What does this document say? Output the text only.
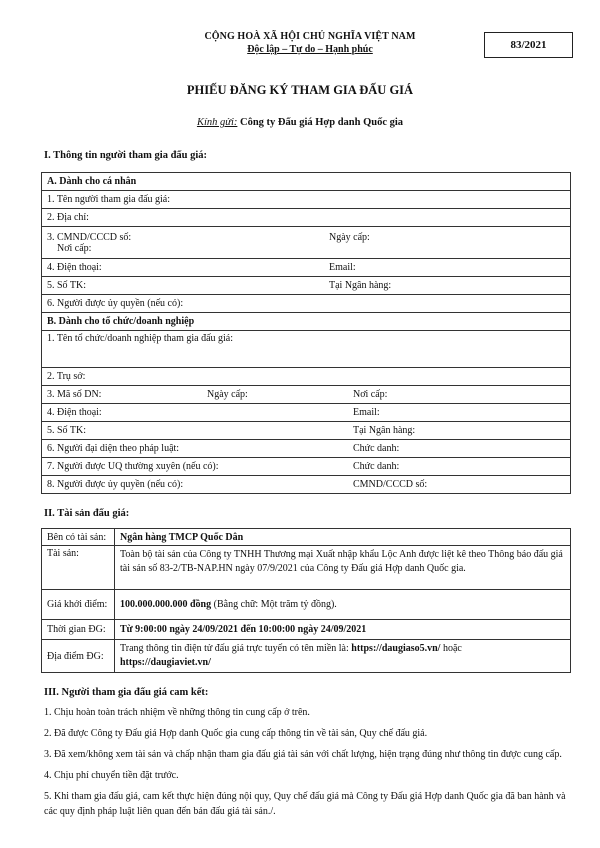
CỘNG HOÀ XÃ HỘI CHỦ NGHĨA VIỆT NAM
Độc lập – Tự do – Hạnh phúc	83/2021
PHIẾU ĐĂNG KÝ THAM GIA ĐẤU GIÁ
Kính gửi: Công ty Đấu giá Hợp danh Quốc gia
I. Thông tin người tham gia đấu giá:
A. Dành cho cá nhân
1. Tên người tham gia đấu giá:
2. Địa chỉ:

3. CMND/CCCD số:	Ngày cấp:
Nơi cấp:

4. Điện thoại:	Email:
5. Số TK:	Tại Ngân hàng:
6. Người được ủy quyền (nếu có):
B. Dành cho tổ chức/doanh nghiệp
1. Tên tổ chức/doanh nghiệp tham gia đấu giá:
2. Trụ sở:
3. Mã số DN:	Ngày cấp:	Nơi cấp:
4. Điện thoại:	Email:
5. Số TK:	Tại Ngân hàng:
6. Người đại diện theo pháp luật:	Chức danh:
7. Người được UQ thường xuyên (nếu có):	Chức danh:
8. Người được ủy quyền (nếu có):	CMND/CCCD số:
II. Tài sản đấu giá:
Bên có tài sản:	Ngân hàng TMCP Quốc Dân
Tài sản:	Toàn bộ tài sản của Công ty TNHH Thương mại Xuất nhập khẩu Lộc Anh được liệt kê theo Thông báo đấu giá tài sản số 83-2/TB-NAP.HN ngày 07/9/2021 của Công ty Đấu giá Hợp danh Quốc gia.
Giá khởi điểm:	100.000.000.000 đồng (Bằng chữ: Một trăm tỷ đồng).
Thời gian ĐG:	Từ 9:00:00 ngày 24/09/2021 đến 10:00:00 ngày 24/09/2021
Địa điểm ĐG:	Trang thông tin điện tử đấu giá trực tuyến có tên miền là: https://daugiaso5.vn/ hoặc
https://daugiaviet.vn/
III. Người tham gia đấu giá cam kết:

1. Chịu hoàn toàn trách nhiệm về những thông tin cung cấp ở trên.

2. Đã được Công ty Đấu giá Hợp danh Quốc gia cung cấp thông tin về tài sản, Quy chế đấu giá.

3. Đã xem/không xem tài sản và chấp nhận tham gia đấu giá tài sản với chất lượng, hiện trạng đúng như thông tin được cung cấp.

4. Chịu phí chuyển tiền đặt trước.

5. Khi tham gia đấu giá, cam kết thực hiện đúng nội quy, Quy chế đấu giá mà Công ty Đấu giá Hợp danh Quốc gia đã ban hành và các quy định pháp luật liên quan đến bán đấu giá tài sản./.
